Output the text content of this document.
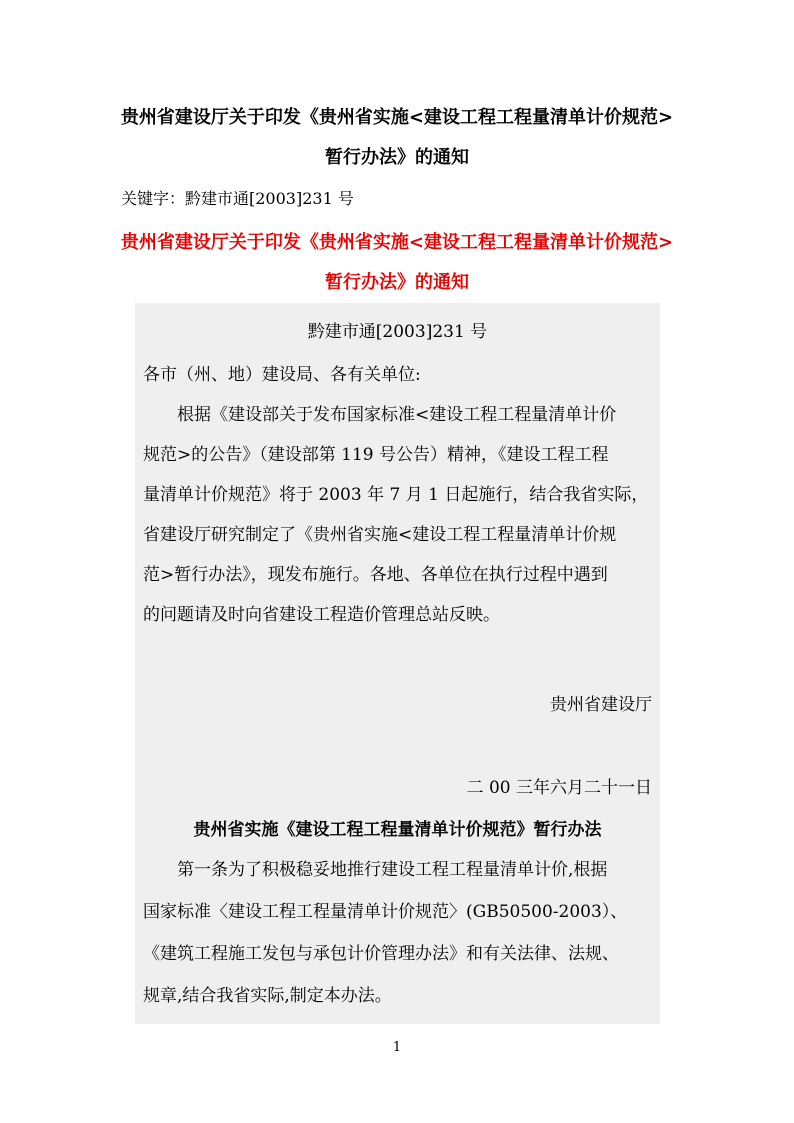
贵州省建设厅关于印发《贵州省实施<建设工程工程量清单计价规范>
暂行办法》的通知
关键字：黔建市通[2003]231 号
贵州省建设厅关于印发《贵州省实施<建设工程工程量清单计价规范>
暂行办法》的通知
黔建市通[2003]231 号
各市（州、地）建设局、各有关单位:
根据《建设部关于发布国家标准<建设工程工程量清单计价
规范>的公告》（建设部第 119 号公告）精神，《建设工程工程
量清单计价规范》将于 2003 年 7 月 1 日起施行，结合我省实际，
省建设厅研究制定了《贵州省实施<建设工程工程量清单计价规
范>暂行办法》，现发布施行。各地、各单位在执行过程中遇到
的问题请及时向省建设工程造价管理总站反映。
贵州省建设厅
二 00 三年六月二十一日
贵州省实施《建设工程工程量清单计价规范》暂行办法
第一条为了积极稳妥地推行建设工程工程量清单计价,根据
国家标准〈建设工程工程量清单计价规范〉(GB50500-2003）、
《建筑工程施工发包与承包计价管理办法》和有关法律、法规、
规章,结合我省实际,制定本办法。
1
